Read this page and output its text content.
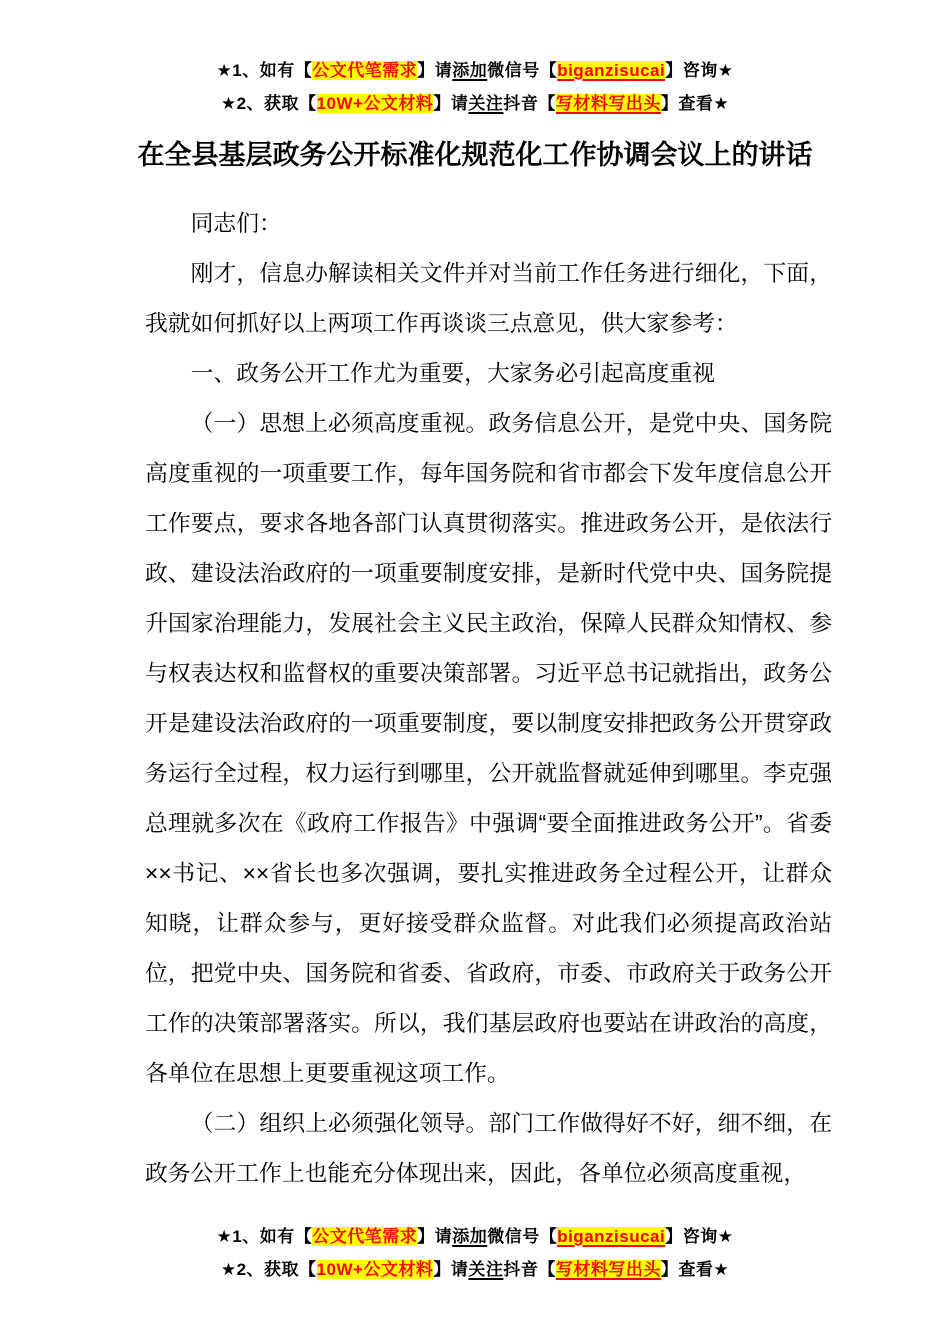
★1、如有【公文代笔需求】请添加微信号【biganzisucai】咨询★
★2、获取【10W+公文材料】请关注抖音【写材料写出头】查看★
在全县基层政务公开标准化规范化工作协调会议上的讲话

同志们：

刚才，信息办解读相关文件并对当前工作任务进行细化，下面，我就如何抓好以上两项工作再谈谈三点意见，供大家参考：

一、政务公开工作尤为重要，大家务必引起高度重视

（一）思想上必须高度重视。政务信息公开，是党中央、国务院高度重视的一项重要工作，每年国务院和省市都会下发年度信息公开工作要点，要求各地各部门认真贯彻落实。推进政务公开，是依法行政、建设法治政府的一项重要制度安排，是新时代党中央、国务院提升国家治理能力，发展社会主义民主政治，保障人民群众知情权、参与权表达权和监督权的重要决策部署。习近平总书记就指出，政务公开是建设法治政府的一项重要制度，要以制度安排把政务公开贯穿政务运行全过程，权力运行到哪里，公开就监督就延伸到哪里。李克强总理就多次在《政府工作报告》中强调“要全面推进政务公开”。省委××书记、××省长也多次强调，要扎实推进政务全过程公开，让群众知晓，让群众参与，更好接受群众监督。对此我们必须提高政治站位，把党中央、国务院和省委、省政府，市委、市政府关于政务公开工作的决策部署落实。所以，我们基层政府也要站在讲政治的高度，各单位在思想上更要重视这项工作。

（二）组织上必须强化领导。部门工作做得好不好，细不细，在政务公开工作上也能充分体现出来，因此，各单位必须高度重视，

★1、如有【公文代笔需求】请添加微信号【biganzisucai】咨询★
★2、获取【10W+公文材料】请关注抖音【写材料写出头】查看★
